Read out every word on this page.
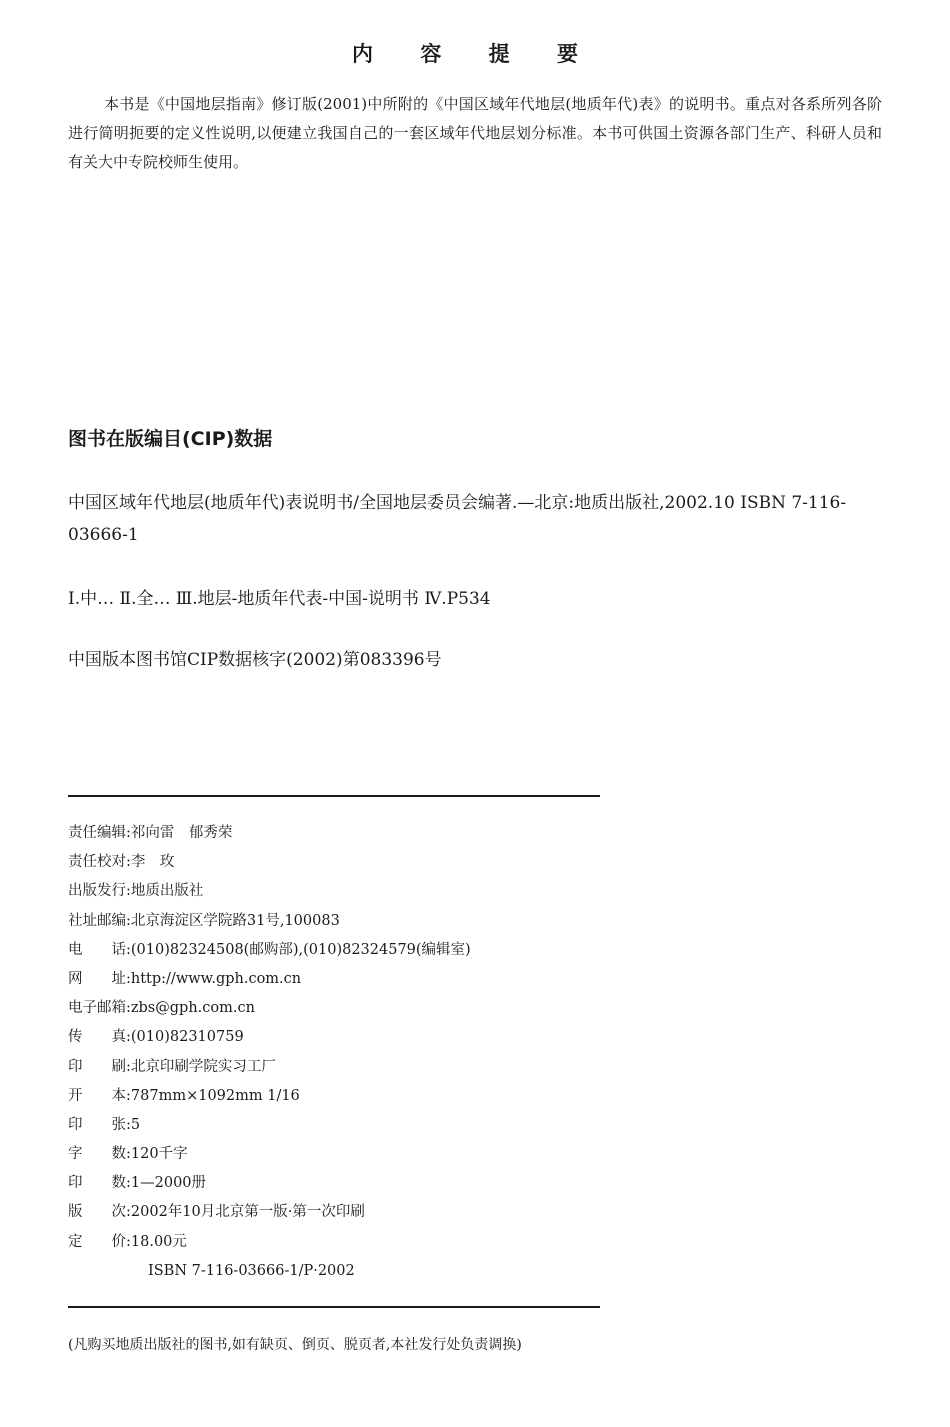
内 容 提 要
本书是《中国地层指南》修订版(2001)中所附的《中国区域年代地层(地质年代)表》的说明书。重点对各系所列各阶进行简明扼要的定义性说明,以便建立我国自己的一套区域年代地层划分标准。本书可供国土资源各部门生产、科研人员和有关大中专院校师生使用。
图书在版编目(CIP)数据
中国区域年代地层(地质年代)表说明书/全国地层委员会编著.—北京:地质出版社,2002.10 ISBN 7-116-03666-1
Ⅰ.中… Ⅱ.全… Ⅲ.地层-地质年代表-中国-说明书 Ⅳ.P534
中国版本图书馆CIP数据核字(2002)第083396号
责任编辑:祁向雷　郁秀荣
责任校对:李　玫
出版发行:地质出版社
社址邮编:北京海淀区学院路31号,100083
电　　话:(010)82324508(邮购部),(010)82324579(编辑室)
网　　址:http://www.gph.com.cn
电子邮箱:zbs@gph.com.cn
传　　真:(010)82310759
印　　刷:北京印刷学院实习工厂
开　　本:787mm×1092mm 1/16
印　　张:5
字　　数:120千字
印　　数:1—2000册
版　　次:2002年10月北京第一版·第一次印刷
定　　价:18.00元
ISBN 7-116-03666-1/P·2002
(凡购买地质出版社的图书,如有缺页、倒页、脱页者,本社发行处负责调换)
